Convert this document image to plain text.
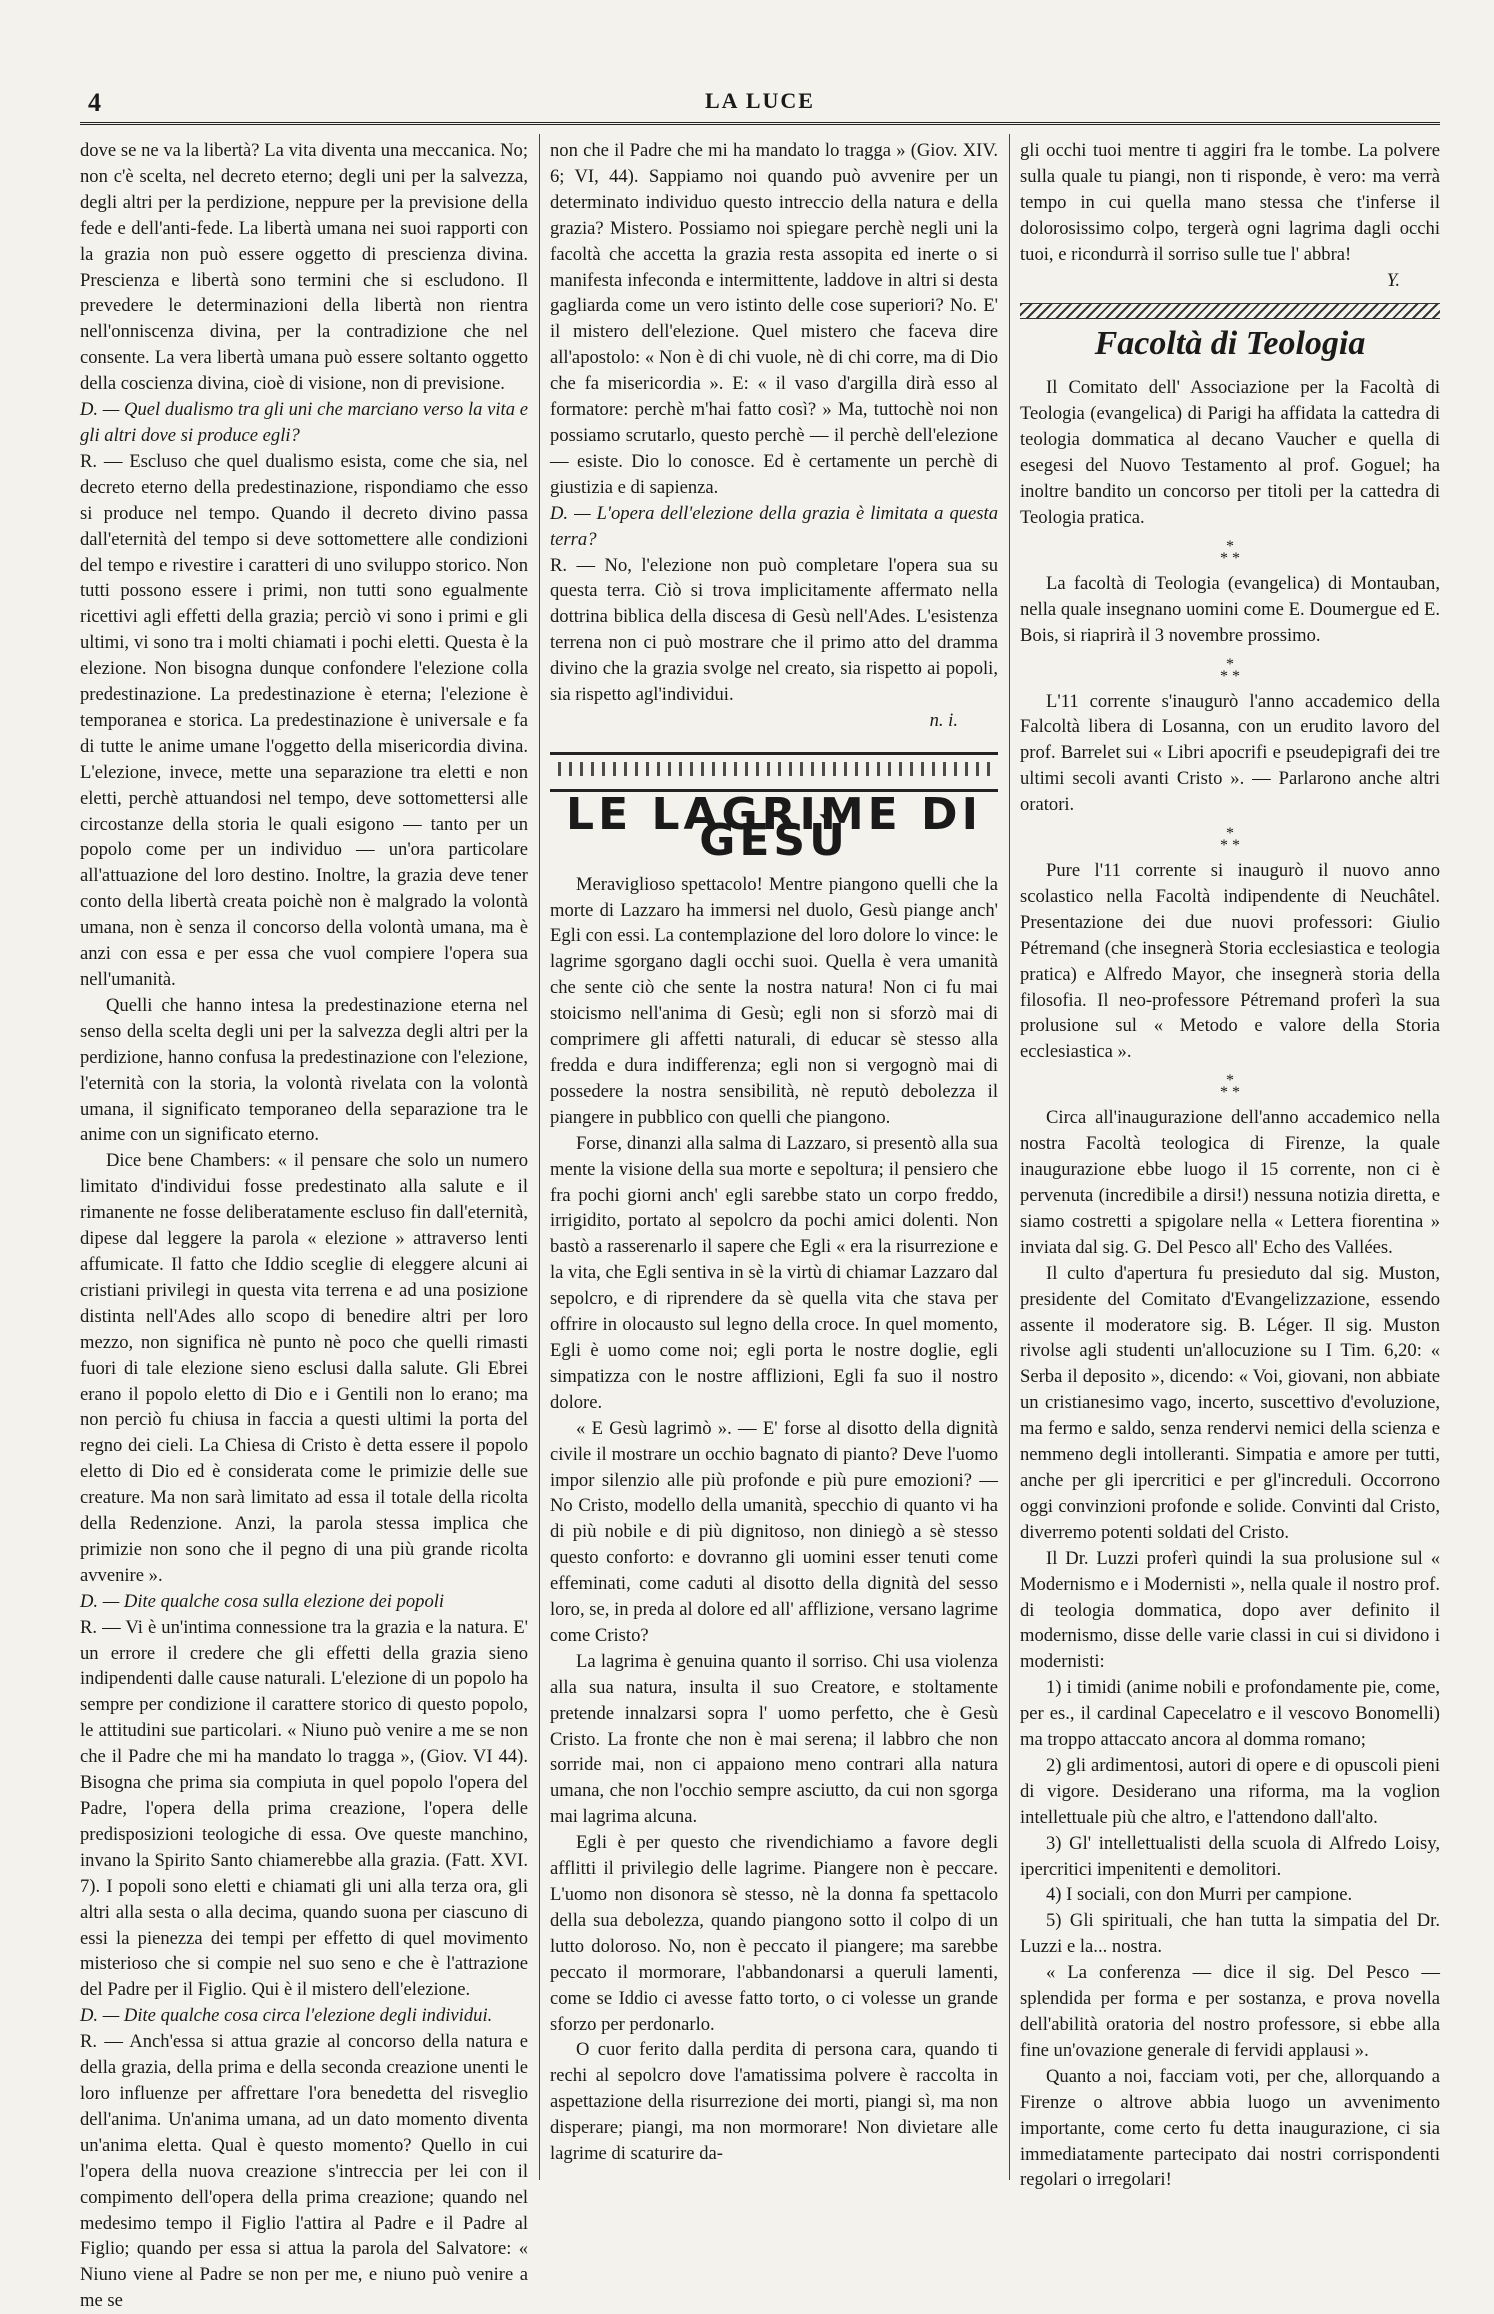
4	LA LUCE

dove se ne va la libertà? La vita diventa una meccanica. No; non c'è scelta, nel decreto eterno; degli uni per la salvezza, degli altri per la perdizione, neppure per la previsione della fede e dell'anti-fede. La libertà umana nei suoi rapporti con la grazia non può essere oggetto di prescienza divina. Prescienza e libertà sono termini che si escludono. Il prevedere le determinazioni della libertà non rientra nell'onniscenza divina, per la contradizione che nel consente. La vera libertà umana può essere soltanto oggetto della coscienza divina, cioè di visione, non di previsione.

D. — Quel dualismo tra gli uni che marciano verso la vita e gli altri dove si produce egli?

R. — Escluso che quel dualismo esista, come che sia, nel decreto eterno della predestinazione, rispondiamo che esso si produce nel tempo. Quando il decreto divino passa dall'eternità del tempo si deve sottomettere alle condizioni del tempo e rivestire i caratteri di uno sviluppo storico. Non tutti possono essere i primi, non tutti sono egualmente ricettivi agli effetti della grazia; perciò vi sono i primi e gli ultimi, vi sono tra i molti chiamati i pochi eletti. Questa è la elezione. Non bisogna dunque confondere l'elezione colla predestinazione. La predestinazione è eterna; l'elezione è temporanea e storica. La predestinazione è universale e fa di tutte le anime umane l'oggetto della misericordia divina. L'elezione, invece, mette una separazione tra eletti e non eletti, perchè attuandosi nel tempo, deve sottomettersi alle circostanze della storia le quali esigono — tanto per un popolo come per un individuo — un'ora particolare all'attuazione del loro destino. Inoltre, la grazia deve tener conto della libertà creata poichè non è malgrado la volontà umana, non è senza il concorso della volontà umana, ma è anzi con essa e per essa che vuol compiere l'opera sua nell'umanità.

Quelli che hanno intesa la predestinazione eterna nel senso della scelta degli uni per la salvezza degli altri per la perdizione, hanno confusa la predestinazione con l'elezione, l'eternità con la storia, la volontà rivelata con la volontà umana, il significato temporaneo della separazione tra le anime con un significato eterno.

Dice bene Chambers: « il pensare che solo un numero limitato d'individui fosse predestinato alla salute e il rimanente ne fosse deliberatamente escluso fin dall'eternità, dipese dal leggere la parola « elezione » attraverso lenti affumicate. Il fatto che Iddio sceglie di eleggere alcuni ai cristiani privilegi in questa vita terrena e ad una posizione distinta nell'Ades allo scopo di benedire altri per loro mezzo, non significa nè punto nè poco che quelli rimasti fuori di tale elezione sieno esclusi dalla salute. Gli Ebrei erano il popolo eletto di Dio e i Gentili non lo erano; ma non perciò fu chiusa in faccia a questi ultimi la porta del regno dei cieli. La Chiesa di Cristo è detta essere il popolo eletto di Dio ed è considerata come le primizie delle sue creature. Ma non sarà limitato ad essa il totale della ricolta della Redenzione. Anzi, la parola stessa implica che primizie non sono che il pegno di una più grande ricolta avvenire ».

D. — Dite qualche cosa sulla elezione dei popoli

R. — Vi è un'intima connessione tra la grazia e la natura. E' un errore il credere che gli effetti della grazia sieno indipendenti dalle cause naturali. L'elezione di un popolo ha sempre per condizione il carattere storico di questo popolo, le attitudini sue particolari. « Niuno può venire a me se non che il Padre che mi ha mandato lo tragga », (Giov. VI 44). Bisogna che prima sia compiuta in quel popolo l'opera del Padre, l'opera della prima creazione, l'opera delle predisposizioni teologiche di essa. Ove queste manchino, invano la Spirito Santo chiamerebbe alla grazia. (Fatt. XVI. 7). I popoli sono eletti e chiamati gli uni alla terza ora, gli altri alla sesta o alla decima, quando suona per ciascuno di essi la pienezza dei tempi per effetto di quel movimento misterioso che si compie nel suo seno e che è l'attrazione del Padre per il Figlio. Qui è il mistero dell'elezione.

D. — Dite qualche cosa circa l'elezione degli individui.

R. — Anch'essa si attua grazie al concorso della natura e della grazia, della prima e della seconda creazione unenti le loro influenze per affrettare l'ora benedetta del risveglio dell'anima. Un'anima umana, ad un dato momento diventa un'anima eletta. Qual è questo momento? Quello in cui l'opera della nuova creazione s'intreccia per lei con il compimento dell'opera della prima creazione; quando nel medesimo tempo il Figlio l'attira al Padre e il Padre al Figlio; quando per essa si attua la parola del Salvatore: « Niuno viene al Padre se non per me, e niuno può venire a me se

non che il Padre che mi ha mandato lo tragga » (Giov. XIV. 6; VI, 44). Sappiamo noi quando può avvenire per un determinato individuo questo intreccio della natura e della grazia? Mistero. Possiamo noi spiegare perchè negli uni la facoltà che accetta la grazia resta assopita ed inerte o si manifesta infeconda e intermittente, laddove in altri si desta gagliarda come un vero istinto delle cose superiori? No. E' il mistero dell'elezione. Quel mistero che faceva dire all'apostolo: « Non è di chi vuole, nè di chi corre, ma di Dio che fa misericordia ». E: « il vaso d'argilla dirà esso al formatore: perchè m'hai fatto così? » Ma, tuttochè noi non possiamo scrutarlo, questo perchè — il perchè dell'elezione — esiste. Dio lo conosce. Ed è certamente un perchè di giustizia e di sapienza.

D. — L'opera dell'elezione della grazia è limitata a questa terra?

R. — No, l'elezione non può completare l'opera sua su questa terra. Ciò si trova implicitamente affermato nella dottrina biblica della discesa di Gesù nell'Ades. L'esistenza terrena non ci può mostrare che il primo atto del dramma divino che la grazia svolge nel creato, sia rispetto ai popoli, sia rispetto agl'individui.

n. i.
LE LAGRIME DI GESÙ

Meraviglioso spettacolo! Mentre piangono quelli che la morte di Lazzaro ha immersi nel duolo, Gesù piange anch' Egli con essi. La contemplazione del loro dolore lo vince: le lagrime sgorgano dagli occhi suoi. Quella è vera umanità che sente ciò che sente la nostra natura! Non ci fu mai stoicismo nell'anima di Gesù; egli non si sforzò mai di comprimere gli affetti naturali, di educar sè stesso alla fredda e dura indifferenza; egli non si vergognò mai di possedere la nostra sensibilità, nè reputò debolezza il piangere in pubblico con quelli che piangono.

Forse, dinanzi alla salma di Lazzaro, si presentò alla sua mente la visione della sua morte e sepoltura; il pensiero che fra pochi giorni anch' egli sarebbe stato un corpo freddo, irrigidito, portato al sepolcro da pochi amici dolenti. Non bastò a rasserenarlo il sapere che Egli « era la risurrezione e la vita, che Egli sentiva in sè la virtù di chiamar Lazzaro dal sepolcro, e di riprendere da sè quella vita che stava per offrire in olocausto sul legno della croce. In quel momento, Egli è uomo come noi; egli porta le nostre doglie, egli simpatizza con le nostre afflizioni, Egli fa suo il nostro dolore.

« E Gesù lagrimò ». — E' forse al disotto della dignità civile il mostrare un occhio bagnato di pianto? Deve l'uomo impor silenzio alle più profonde e più pure emozioni? — No Cristo, modello della umanità, specchio di quanto vi ha di più nobile e di più dignitoso, non diniegò a sè stesso questo conforto: e dovranno gli uomini esser tenuti come effeminati, come caduti al disotto della dignità del sesso loro, se, in preda al dolore ed all' afflizione, versano lagrime come Cristo?

La lagrima è genuina quanto il sorriso. Chi usa violenza alla sua natura, insulta il suo Creatore, e stoltamente pretende innalzarsi sopra l' uomo perfetto, che è Gesù Cristo. La fronte che non è mai serena; il labbro che non sorride mai, non ci appaiono meno contrari alla natura umana, che non l'occhio sempre asciutto, da cui non sgorga mai lagrima alcuna.

Egli è per questo che rivendichiamo a favore degli afflitti il privilegio delle lagrime. Piangere non è peccare. L'uomo non disonora sè stesso, nè la donna fa spettacolo della sua debolezza, quando piangono sotto il colpo di un lutto doloroso. No, non è peccato il piangere; ma sarebbe peccato il mormorare, l'abbandonarsi a queruli lamenti, come se Iddio ci avesse fatto torto, o ci volesse un grande sforzo per perdonarlo.

O cuor ferito dalla perdita di persona cara, quando ti rechi al sepolcro dove l'amatissima polvere è raccolta in aspettazione della risurrezione dei morti, piangi sì, ma non disperare; piangi, ma non mormorare! Non divietare alle lagrime di scaturire da-

gli occhi tuoi mentre ti aggiri fra le tombe. La polvere sulla quale tu piangi, non ti risponde, è vero: ma verrà tempo in cui quella mano stessa che t'inferse il dolorosissimo colpo, tergerà ogni lagrima dagli occhi tuoi, e ricondurrà il sorriso sulle tue l' abbra!

Y.
Facoltà di Teologia

Il Comitato dell' Associazione per la Facoltà di Teologia (evangelica) di Parigi ha affidata la cattedra di teologia dommatica al decano Vaucher e quella di esegesi del Nuovo Testamento al prof. Goguel; ha inoltre bandito un concorso per titoli per la cattedra di Teologia pratica.

*
* *

La facoltà di Teologia (evangelica) di Montauban, nella quale insegnano uomini come E. Doumergue ed E. Bois, si riaprirà il 3 novembre prossimo.

*
* *

L'11 corrente s'inaugurò l'anno accademico della Falcoltà libera di Losanna, con un erudito lavoro del prof. Barrelet sui « Libri apocrifi e pseudepigrafi dei tre ultimi secoli avanti Cristo ». — Parlarono anche altri oratori.

*
* *

Pure l'11 corrente si inaugurò il nuovo anno scolastico nella Facoltà indipendente di Neuchâtel. Presentazione dei due nuovi professori: Giulio Pétremand (che insegnerà Storia ecclesiastica e teologia pratica) e Alfredo Mayor, che insegnerà storia della filosofia. Il neo-professore Pétremand proferì la sua prolusione sul « Metodo e valore della Storia ecclesiastica ».

*
* *

Circa all'inaugurazione dell'anno accademico nella nostra Facoltà teologica di Firenze, la quale inaugurazione ebbe luogo il 15 corrente, non ci è pervenuta (incredibile a dirsi!) nessuna notizia diretta, e siamo costretti a spigolare nella « Lettera fiorentina » inviata dal sig. G. Del Pesco all' Echo des Vallées.

Il culto d'apertura fu presieduto dal sig. Muston, presidente del Comitato d'Evangelizzazione, essendo assente il moderatore sig. B. Léger. Il sig. Muston rivolse agli studenti un'allocuzione su I Tim. 6,20: « Serba il deposito », dicendo: « Voi, giovani, non abbiate un cristianesimo vago, incerto, suscettivo d'evoluzione, ma fermo e saldo, senza rendervi nemici della scienza e nemmeno degli intolleranti. Simpatia e amore per tutti, anche per gli ipercritici e per gl'increduli. Occorrono oggi convinzioni profonde e solide. Convinti dal Cristo, diverremo potenti soldati del Cristo.

Il Dr. Luzzi proferì quindi la sua prolusione sul « Modernismo e i Modernisti », nella quale il nostro prof. di teologia dommatica, dopo aver definito il modernismo, disse delle varie classi in cui si dividono i modernisti:

1) i timidi (anime nobili e profondamente pie, come, per es., il cardinal Capecelatro e il vescovo Bonomelli) ma troppo attaccato ancora al domma romano;

2) gli ardimentosi, autori di opere e di opuscoli pieni di vigore. Desiderano una riforma, ma la voglion intellettuale più che altro, e l'attendono dall'alto.

3) Gl' intellettualisti della scuola di Alfredo Loisy, ipercritici impenitenti e demolitori.

4) I sociali, con don Murri per campione.

5) Gli spirituali, che han tutta la simpatia del Dr. Luzzi e la... nostra.

« La conferenza — dice il sig. Del Pesco — splendida per forma e per sostanza, e prova novella dell'abilità oratoria del nostro professore, si ebbe alla fine un'ovazione generale di fervidi applausi ».

Quanto a noi, facciam voti, per che, allorquando a Firenze o altrove abbia luogo un avvenimento importante, come certo fu detta inaugurazione, ci sia immediatamente partecipato dai nostri corrispondenti regolari o irregolari!
